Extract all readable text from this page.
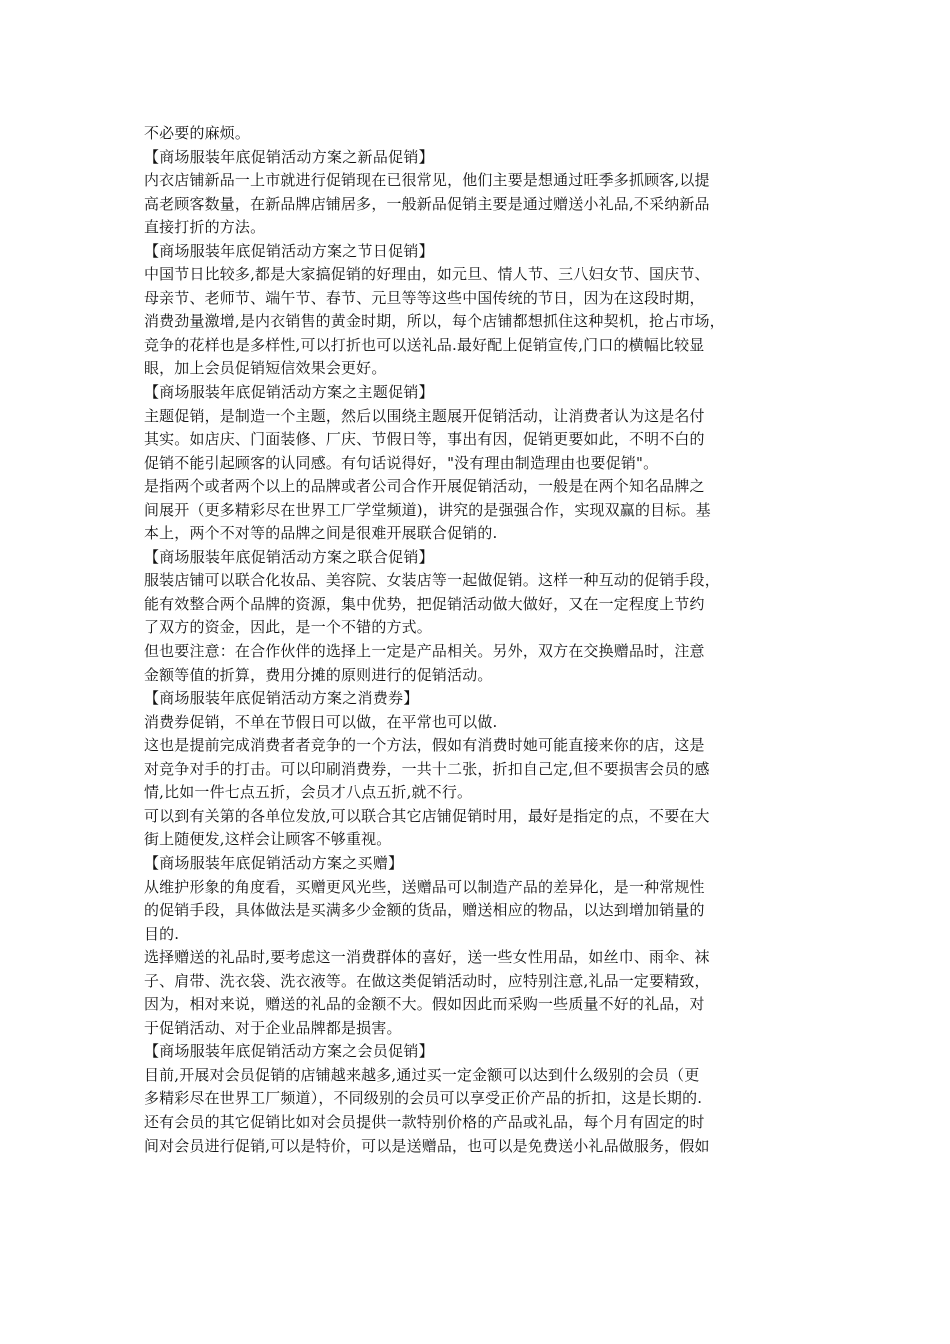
不必要的麻烦。
【商场服装年底促销活动方案之新品促销】
内衣店铺新品一上市就进行促销现在已很常见，他们主要是想通过旺季多抓顾客,以提
高老顾客数量，在新品牌店铺居多，一般新品促销主要是通过赠送小礼品,不采纳新品
直接打折的方法。
【商场服装年底促销活动方案之节日促销】
中国节日比较多,都是大家搞促销的好理由，如元旦、情人节、三八妇女节、国庆节、
母亲节、老师节、端午节、春节、元旦等等这些中国传统的节日，因为在这段时期，
消费劲量激增,是内衣销售的黄金时期，所以，每个店铺都想抓住这种契机，抢占市场，
竞争的花样也是多样性,可以打折也可以送礼品.最好配上促销宣传,门口的横幅比较显
眼，加上会员促销短信效果会更好。
【商场服装年底促销活动方案之主题促销】
主题促销，是制造一个主题，然后以围绕主题展开促销活动，让消费者认为这是名付
其实。如店庆、门面装修、厂庆、节假日等，事出有因，促销更要如此，不明不白的
促销不能引起顾客的认同感。有句话说得好，"没有理由制造理由也要促销"。
是指两个或者两个以上的品牌或者公司合作开展促销活动，一般是在两个知名品牌之
间展开（更多精彩尽在世界工厂学堂频道)，讲究的是强强合作，实现双赢的目标。基
本上，两个不对等的品牌之间是很难开展联合促销的.
【商场服装年底促销活动方案之联合促销】
服装店铺可以联合化妆品、美容院、女装店等一起做促销。这样一种互动的促销手段，
能有效整合两个品牌的资源，集中优势，把促销活动做大做好，又在一定程度上节约
了双方的资金，因此，是一个不错的方式。
但也要注意：在合作伙伴的选择上一定是产品相关。另外，双方在交换赠品时，注意
金额等值的折算，费用分摊的原则进行的促销活动。
【商场服装年底促销活动方案之消费券】
消费券促销，不单在节假日可以做，在平常也可以做.
这也是提前完成消费者者竞争的一个方法，假如有消费时她可能直接来你的店，这是
对竞争对手的打击。可以印刷消费券，一共十二张，折扣自己定,但不要损害会员的感
情,比如一件七点五折，会员才八点五折,就不行。
可以到有关第的各单位发放,可以联合其它店铺促销时用，最好是指定的点，不要在大
街上随便发,这样会让顾客不够重视。
【商场服装年底促销活动方案之买赠】
从维护形象的角度看，买赠更风光些，送赠品可以制造产品的差异化，是一种常规性
的促销手段，具体做法是买满多少金额的货品，赠送相应的物品，以达到增加销量的
目的.
选择赠送的礼品时,要考虑这一消费群体的喜好，送一些女性用品，如丝巾、雨伞、袜
子、肩带、洗衣袋、洗衣液等。在做这类促销活动时，应特别注意,礼品一定要精致，
因为，相对来说，赠送的礼品的金额不大。假如因此而采购一些质量不好的礼品，对
于促销活动、对于企业品牌都是损害。
【商场服装年底促销活动方案之会员促销】
目前,开展对会员促销的店铺越来越多,通过买一定金额可以达到什么级别的会员（更
多精彩尽在世界工厂频道），不同级别的会员可以享受正价产品的折扣，这是长期的.
还有会员的其它促销比如对会员提供一款特别价格的产品或礼品，每个月有固定的时
间对会员进行促销,可以是特价，可以是送赠品，也可以是免费送小礼品做服务，假如
